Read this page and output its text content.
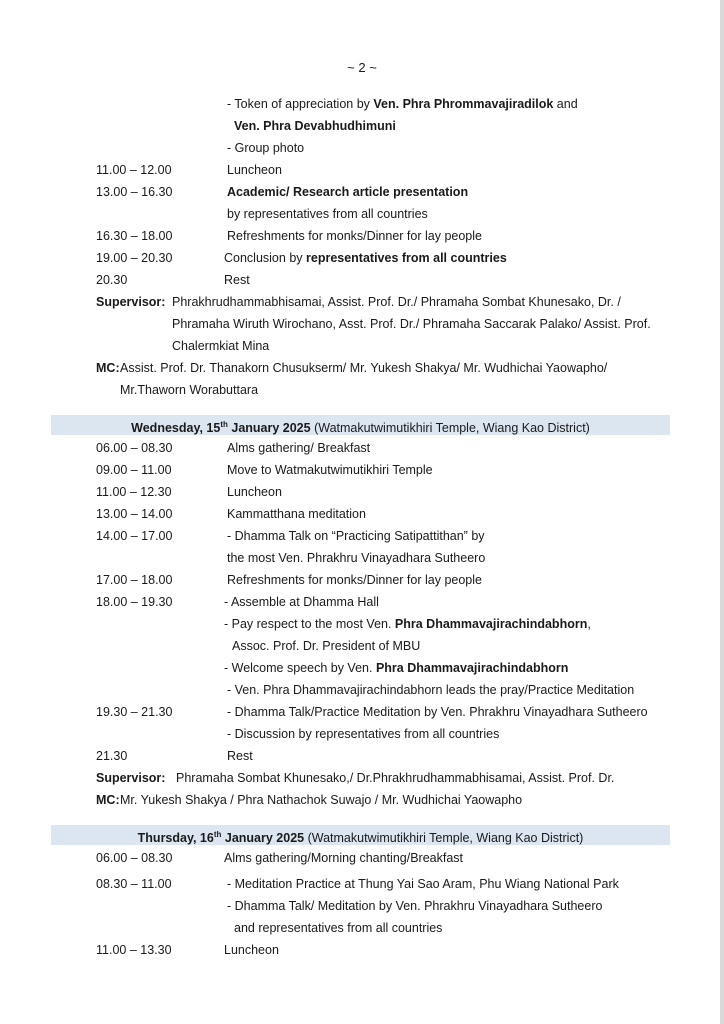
~ 2 ~
- Token of appreciation by Ven. Phra Phrommavajiradilok and
Ven. Phra Devabhudhimuni
- Group photo
11.00 – 12.00	Luncheon
13.00 – 16.30	Academic/ Research article presentation
by representatives from all countries
16.30 – 18.00	Refreshments for monks/Dinner for lay people
19.00 – 20.30	Conclusion by representatives from all countries
20.30	Rest
Supervisor: Phrakhrudhammabhisamai, Assist. Prof. Dr./ Phramaha Sombat Khunesako, Dr. /
Phramaha Wiruth Wirochano, Asst. Prof. Dr./ Phramaha Saccarak Palako/ Assist. Prof.
Chalermkiat Mina
MC: Assist. Prof. Dr. Thanakorn Chusukserm/ Mr. Yukesh Shakya/ Mr. Wudhichai Yaowapho/
Mr.Thaworn Worabuttara
Wednesday, 15th January 2025 (Watmakutwimutikhiri Temple, Wiang Kao District)
06.00 – 08.30	Alms gathering/ Breakfast
09.00 – 11.00	Move to Watmakutwimutikhiri Temple
11.00 – 12.30	Luncheon
13.00 – 14.00	Kammatthana meditation
14.00 – 17.00	- Dhamma Talk on “Practicing Satipattithan” by
the most Ven. Phrakhru Vinayadhara Sutheero
17.00 – 18.00	Refreshments for monks/Dinner for lay people
18.00 – 19.30	- Assemble at Dhamma Hall
- Pay respect to the most Ven. Phra Dhammavajirachindabhorn,
Assoc. Prof. Dr. President of MBU
- Welcome speech by Ven. Phra Dhammavajirachindabhorn
- Ven. Phra Dhammavajirachindabhorn leads the pray/Practice Meditation
19.30 – 21.30	- Dhamma Talk/Practice Meditation by Ven. Phrakhru Vinayadhara Sutheero
- Discussion by representatives from all countries
21.30	Rest
Supervisor: Phramaha Sombat Khunesako,/ Dr.Phrakhrudhammabhisamai, Assist. Prof. Dr.
MC: Mr. Yukesh Shakya / Phra Nathachok Suwajo / Mr. Wudhichai Yaowapho
Thursday, 16th January 2025 (Watmakutwimutikhiri Temple, Wiang Kao District)
06.00 – 08.30	Alms gathering/Morning chanting/Breakfast
08.30 – 11.00	- Meditation Practice at Thung Yai Sao Aram, Phu Wiang National Park
- Dhamma Talk/ Meditation by Ven. Phrakhru Vinayadhara Sutheero
and representatives from all countries
11.00 – 13.30	Luncheon
